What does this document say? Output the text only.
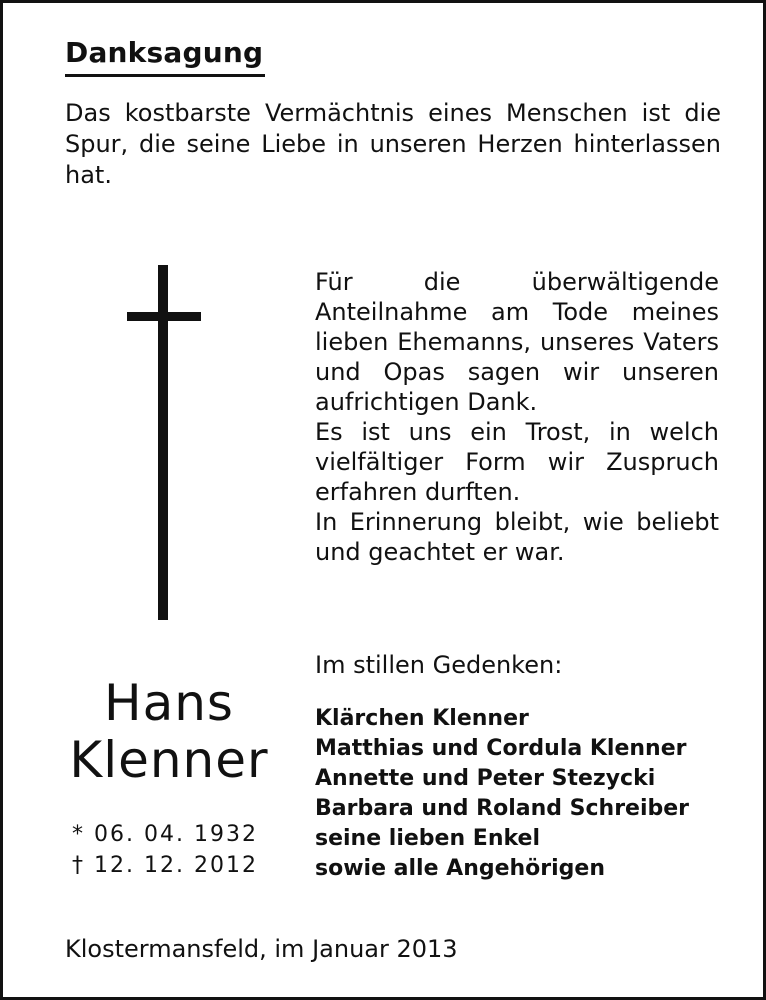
Danksagung
Das kostbarste Vermächtnis eines Menschen ist die Spur, die seine Liebe in unseren Herzen hinterlassen hat.

Für die überwältigende Anteilnahme am Tode meines lieben Ehemanns, unseres Vaters und Opas sagen wir unseren aufrichtigen Dank.

Es ist uns ein Trost, in welch vielfältiger Form wir Zuspruch erfahren durften.

In Erinnerung bleibt, wie beliebt und geachtet er war.

Hans
Klenner
* 06. 04. 1932
† 12. 12. 2012
Im stillen Gedenken:
Klärchen Klenner
Matthias und Cordula Klenner
Annette und Peter Stezycki
Barbara und Roland Schreiber
seine lieben Enkel
sowie alle Angehörigen
Klostermansfeld, im Januar 2013
